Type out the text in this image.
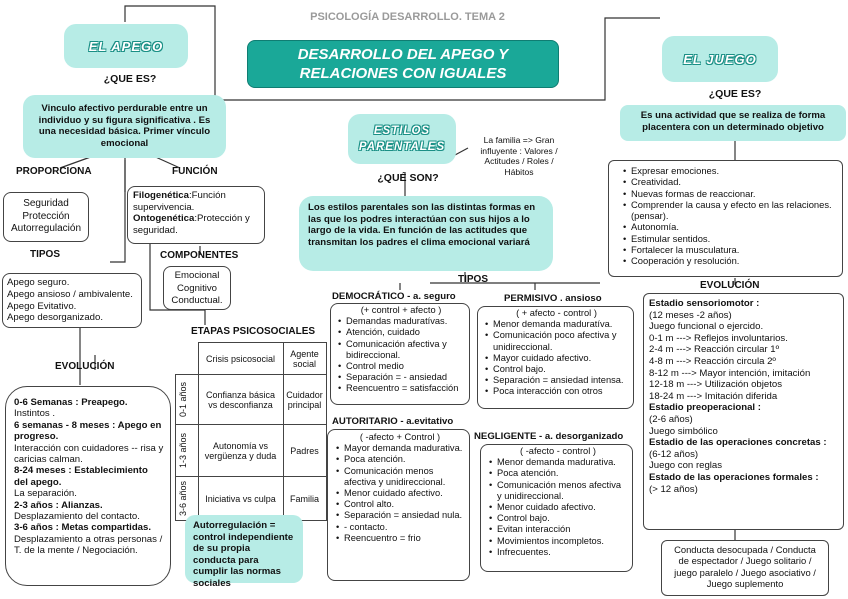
PSICOLOGÍA DESARROLLO. TEMA 2
DESARROLLO DEL APEGO Y RELACIONES CON IGUALES
EL APEGO
¿QUE ES?
Vinculo afectivo perdurable entre un individuo y su figura significativa . Es una necesidad básica. Primer vínculo emocional
PROPORCIONA
Seguridad
Protección
Autorregulación
FUNCIÓN
Filogenética:Función supervivencia.
Ontogenética:Protección y seguridad.
TIPOS
Apego seguro.
Apego ansioso / ambivalente.
Apego Evitativo.
Apego desorganizado.
COMPONENTES
Emocional
Cognitivo
Conductual.
EVOLUCIÓN
0-6 Semanas : Preapego.
Instintos .
6 semanas - 8 meses : Apego en progreso.
Interacción con cuidadores -- risa y caricias calman.
8-24 meses : Establecimiento del apego.
La separación.
2-3 años : Alianzas.
Desplazamiento del contacto.
3-6 años : Metas compartidas.
Desplazamiento a otras personas / T. de la mente / Negociación.
ETAPAS PSICOSOCIALES
	Crisis psicosocial	Agente social

0-1 años	Confianza básica vs desconfianza	Cuidador principal

1-3 años	Autonomía vs vergüenza y duda	Padres

3-6 años	Iniciativa vs culpa	Familia
Autorregulación = control independiente de su propia conducta para cumplir las normas sociales
ESTILOS PARENTALES
La familia => Gran influyente : Valores / Actitudes / Roles / Hábitos
¿QUÉ SON?
Los estilos parentales son las distintas formas en las que los podres interactúan con sus hijos a lo largo de la vida. En función de las actitudes que transmitan los padres el clima emocional variará
TIPOS
DEMOCRÁTICO - a. seguro
(+ control + afecto )
• Demandas maduratívas.
• Atención, cuidado
• Comunicación afectiva y bidireccional.
• Control medio
• Separación = - ansiedad
• Reencuentro = satisfacción
PERMISIVO . ansioso
( + afecto - control )
• Menor demanda maduratíva.
• Comunicación poco afectiva y unidireccional.
• Mayor cuidado afectivo.
• Control bajo.
• Separación = ansiedad intensa.
• Poca interacción con otros
AUTORITARIO - a.evitativo
( -afecto + Control )
• Mayor demanda madurativa.
• Poca atención.
• Comunicación menos afectiva y unidireccional.
• Menor cuidado afectivo.
• Control alto.
• Separación = ansiedad nula.
• - contacto.
• Reencuentro = frio
NEGLIGENTE - a. desorganizado
( -afecto - control )
• Menor demanda madurativa.
• Poca atención.
• Comunicación menos afectiva y unidireccional.
• Menor cuidado afectivo.
• Control bajo.
• Evitan interacción
• Movimientos incompletos.
• Infrecuentes.
EL JUEGO
¿QUE ES?
Es una actividad que se realiza de forma placentera con un determinado objetivo
• Expresar emociones.
• Creatividad.
• Nuevas formas de reaccionar.
• Comprender la causa y efecto en las relaciones. (pensar).
• Autonomía.
• Estimular sentidos.
• Fortalecer la musculatura.
• Cooperación y resolución.
EVOLUCIÓN
Estadio sensoriomotor :
(12 meses -2 años)
Juego funcional o ejercido.
0-1 m ---> Reflejos involuntarios.
2-4 m ---> Reacción circular 1º
4-8 m ---> Reacción circula 2º
8-12 m ---> Mayor intención, imitación
12-18 m ---> Utilización objetos
18-24 m ---> Imitación diferida
Estadio preoperacional :
(2-6 años)
Juego simbólico
Estadio de las operaciones concretas :
(6-12 años)
Juego con reglas
Estado de las operaciones formales :
(> 12 años)
Conducta desocupada / Conducta de espectador / Juego solitario / juego paralelo / Juego asociativo / Juego suplemento
